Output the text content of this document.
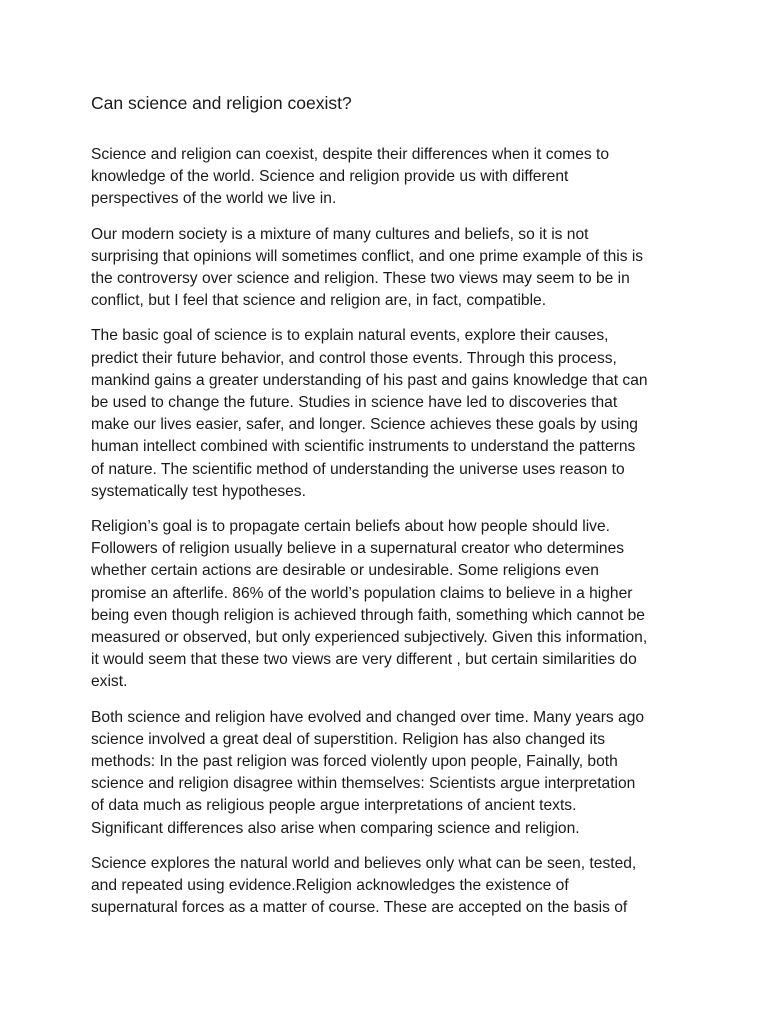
Can science and religion coexist?

Science and religion can coexist, despite their differences when it comes to
knowledge of the world. Science and religion provide us with different
perspectives of the world we live in.

Our modern society is a mixture of many cultures and beliefs, so it is not
surprising that opinions will sometimes conflict, and one prime example of this is
the controversy over science and religion. These two views may seem to be in
conflict, but I feel that science and religion are, in fact, compatible.

The basic goal of science is to explain natural events, explore their causes,
predict their future behavior, and control those events. Through this process,
mankind gains a greater understanding of his past and gains knowledge that can
be used to change the future. Studies in science have led to discoveries that
make our lives easier, safer, and longer. Science achieves these goals by using
human intellect combined with scientific instruments to understand the patterns
of nature. The scientific method of understanding the universe uses reason to
systematically test hypotheses.

Religion’s goal is to propagate certain beliefs about how people should live.
Followers of religion usually believe in a supernatural creator who determines
whether certain actions are desirable or undesirable. Some religions even
promise an afterlife. 86% of the world’s population claims to believe in a higher
being even though religion is achieved through faith, something which cannot be
measured or observed, but only experienced subjectively. Given this information,
it would seem that these two views are very different , but certain similarities do
exist.

Both science and religion have evolved and changed over time. Many years ago
science involved a great deal of superstition. Religion has also changed its
methods: In the past religion was forced violently upon people, Fainally, both
science and religion disagree within themselves: Scientists argue interpretation
of data much as religious people argue interpretations of ancient texts.
Significant differences also arise when comparing science and religion.

Science explores the natural world and believes only what can be seen, tested,
and repeated using evidence.Religion acknowledges the existence of
supernatural forces as a matter of course. These are accepted on the basis of
